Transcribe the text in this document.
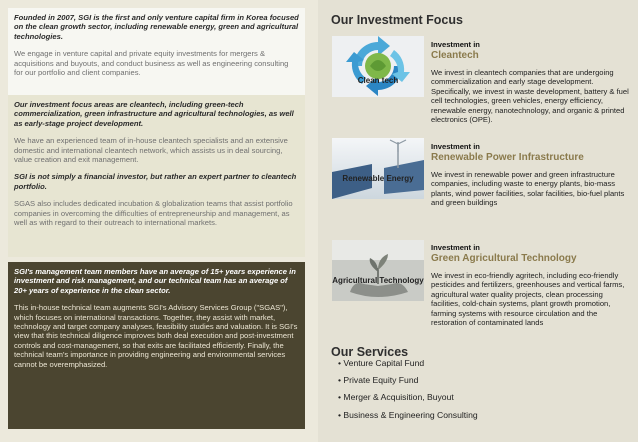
Founded in 2007, SGI is the first and only venture capital firm in Korea focused on the clean growth sector, including renewable energy, green and agricultural technologies.

We engage in venture capital and private equity investments for mergers & acquisitions and buyouts, and conduct business as well as engineering consulting for our portfolio and client companies.

Our investment focus areas are cleantech, including green-tech commercialization, green infrastructure and agricultural technologies, as well as early-stage project development.

We have an experienced team of in-house cleantech specialists and an extensive domestic and international cleantech network, which assists us in deal sourcing, value creation and exit management.

SGI is not simply a financial investor, but rather an expert partner to cleantech portfolio.

SGAS also includes dedicated incubation & globalization teams that assist portfolio companies in overcoming the difficulties of entrepreneurship and management, as well as with regard to their outreach to international markets.

SGI's management team members have an average of 15+ years experience in investment and risk management, and our technical team has an average of 20+ years of experience in the clean sector.

This in-house technical team augments SGI's Advisory Services Group ("SGAS"), which focuses on international transactions. Together, they assist with market, technology and target company analyses, feasibility studies and valuation. It is SGI's view that this technical diligence improves both deal execution and post-investment controls and cost-management, so that exits are facilitated efficiently. Finally, the technical team's importance in providing engineering and environmental services cannot be overemphasized.

Our Investment Focus
Clean tech
Renewable Energy
Agricultural Technology
Investment in
Cleantech
We invest in cleantech companies that are undergoing commercialization and early stage development. Specifically, we invest in waste development, battery & fuel cell technologies, green vehicles, energy efficiency, renewable energy, nanotechnology, and organic & printed electronics (OPE).
Investment in
Renewable Power Infrastructure
We invest in renewable power and green infrastructure companies, including waste to energy plants, bio-mass plants, wind power facilities, solar facilities, bio-fuel plants and green buildings
Investment in
Green Agricultural Technology
We invest in eco-friendly agritech, including eco-friendly pesticides and fertilizers, greenhouses and vertical farms, agricultural water quality projects, clean processing facilities, cold-chain systems, plant growth promotion, farming systems with resource circulation and the restoration of contaminated lands
Our Services
• Venture Capital Fund
• Private Equity Fund
• Merger & Acquisition, Buyout
• Business & Engineering Consulting
